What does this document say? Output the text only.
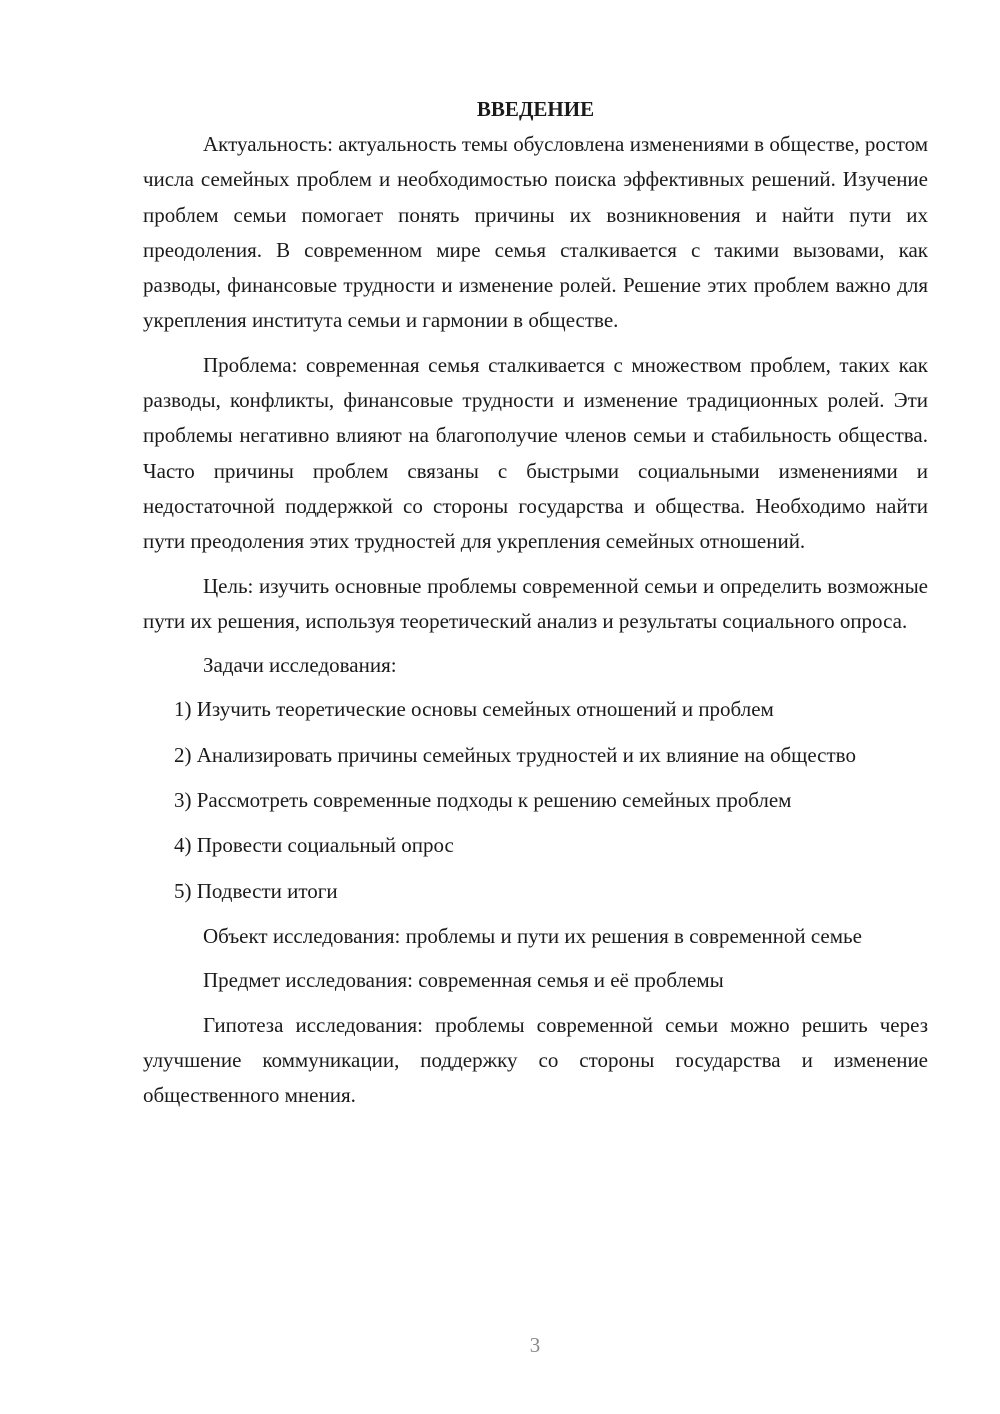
ВВЕДЕНИЕ

Актуальность: актуальность темы обусловлена изменениями в обществе, ростом числа семейных проблем и необходимостью поиска эффективных решений. Изучение проблем семьи помогает понять причины их возникновения и найти пути их преодоления. В современном мире семья сталкивается с такими вызовами, как разводы, финансовые трудности и изменение ролей. Решение этих проблем важно для укрепления института семьи и гармонии в обществе.

Проблема: современная семья сталкивается с множеством проблем, таких как разводы, конфликты, финансовые трудности и изменение традиционных ролей. Эти проблемы негативно влияют на благополучие членов семьи и стабильность общества. Часто причины проблем связаны с быстрыми социальными изменениями и недостаточной поддержкой со стороны государства и общества. Необходимо найти пути преодоления этих трудностей для укрепления семейных отношений.

Цель: изучить основные проблемы современной семьи и определить возможные пути их решения, используя теоретический анализ и результаты социального опроса.

Задачи исследования:

1) Изучить теоретические основы семейных отношений и проблем

2) Анализировать причины семейных трудностей и их влияние на общество

3) Рассмотреть современные подходы к решению семейных проблем

4) Провести социальный опрос

5) Подвести итоги

Объект исследования: проблемы и пути их решения в современной семье

Предмет исследования: современная семья и её проблемы

Гипотеза исследования: проблемы современной семьи можно решить через улучшение коммуникации, поддержку со стороны государства и изменение общественного мнения.

3
